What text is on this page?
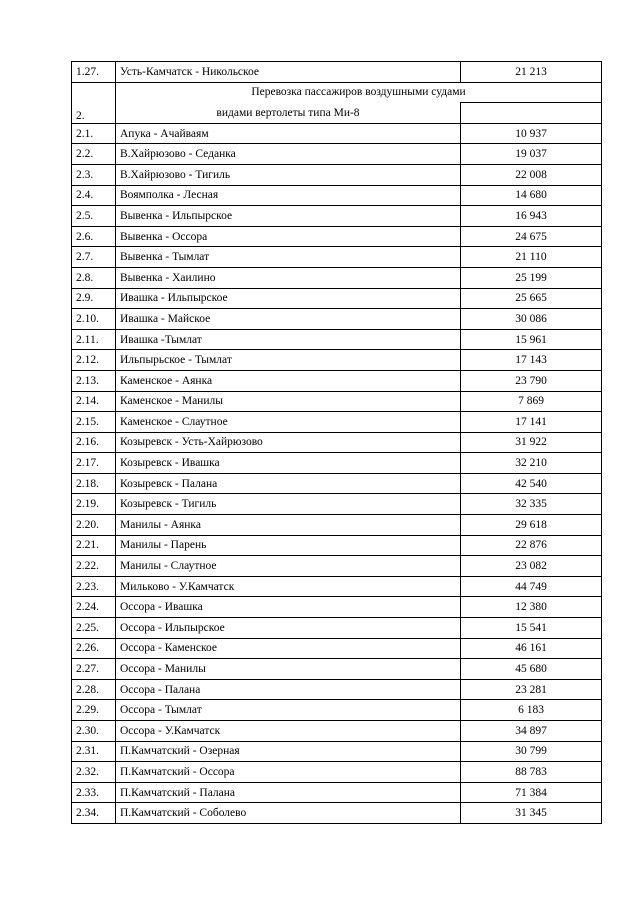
1.27.	Усть-Камчатск - Никольское	21 213
2.	Перевозка пассажиров воздушными судами	
	видами вертолеты типа Ми-8	
2.1.	Апука - Ачайваям	10 937
2.2.	В.Хайрюзово - Седанка	19 037
2.3.	В.Хайрюзово - Тигиль	22 008
2.4.	Воямполка - Лесная	14 680
2.5.	Вывенка - Ильпырское	16 943
2.6.	Вывенка - Оссора	24 675
2.7.	Вывенка - Тымлат	21 110
2.8.	Вывенка - Хаилино	25 199
2.9.	Ивашка - Ильпырское	25 665
2.10.	Ивашка - Майское	30 086
2.11.	Ивашка -Тымлат	15 961
2.12.	Ильпырьское - Тымлат	17 143
2.13.	Каменское - Аянка	23 790
2.14.	Каменское - Манилы	7 869
2.15.	Каменское - Слаутное	17 141
2.16.	Козыревск - Усть-Хайрюзово	31 922
2.17.	Козыревск - Ивашка	32 210
2.18.	Козыревск - Палана	42 540
2.19.	Козыревск - Тигиль	32 335
2.20.	Манилы - Аянка	29 618
2.21.	Манилы - Парень	22 876
2.22.	Манилы - Слаутное	23 082
2.23.	Мильково - У.Камчатск	44 749
2.24.	Оссора - Ивашка	12 380
2.25.	Оссора - Ильпырское	15 541
2.26.	Оссора - Каменское	46 161
2.27.	Оссора - Манилы	45 680
2.28.	Оссора - Палана	23 281
2.29.	Оссора - Тымлат	6 183
2.30.	Оссора - У.Камчатск	34 897
2.31.	П.Камчатский - Озерная	30 799
2.32.	П.Камчатский - Оссора	88 783
2.33.	П.Камчатский - Палана	71 384
2.34.	П.Камчатский - Соболево	31 345
